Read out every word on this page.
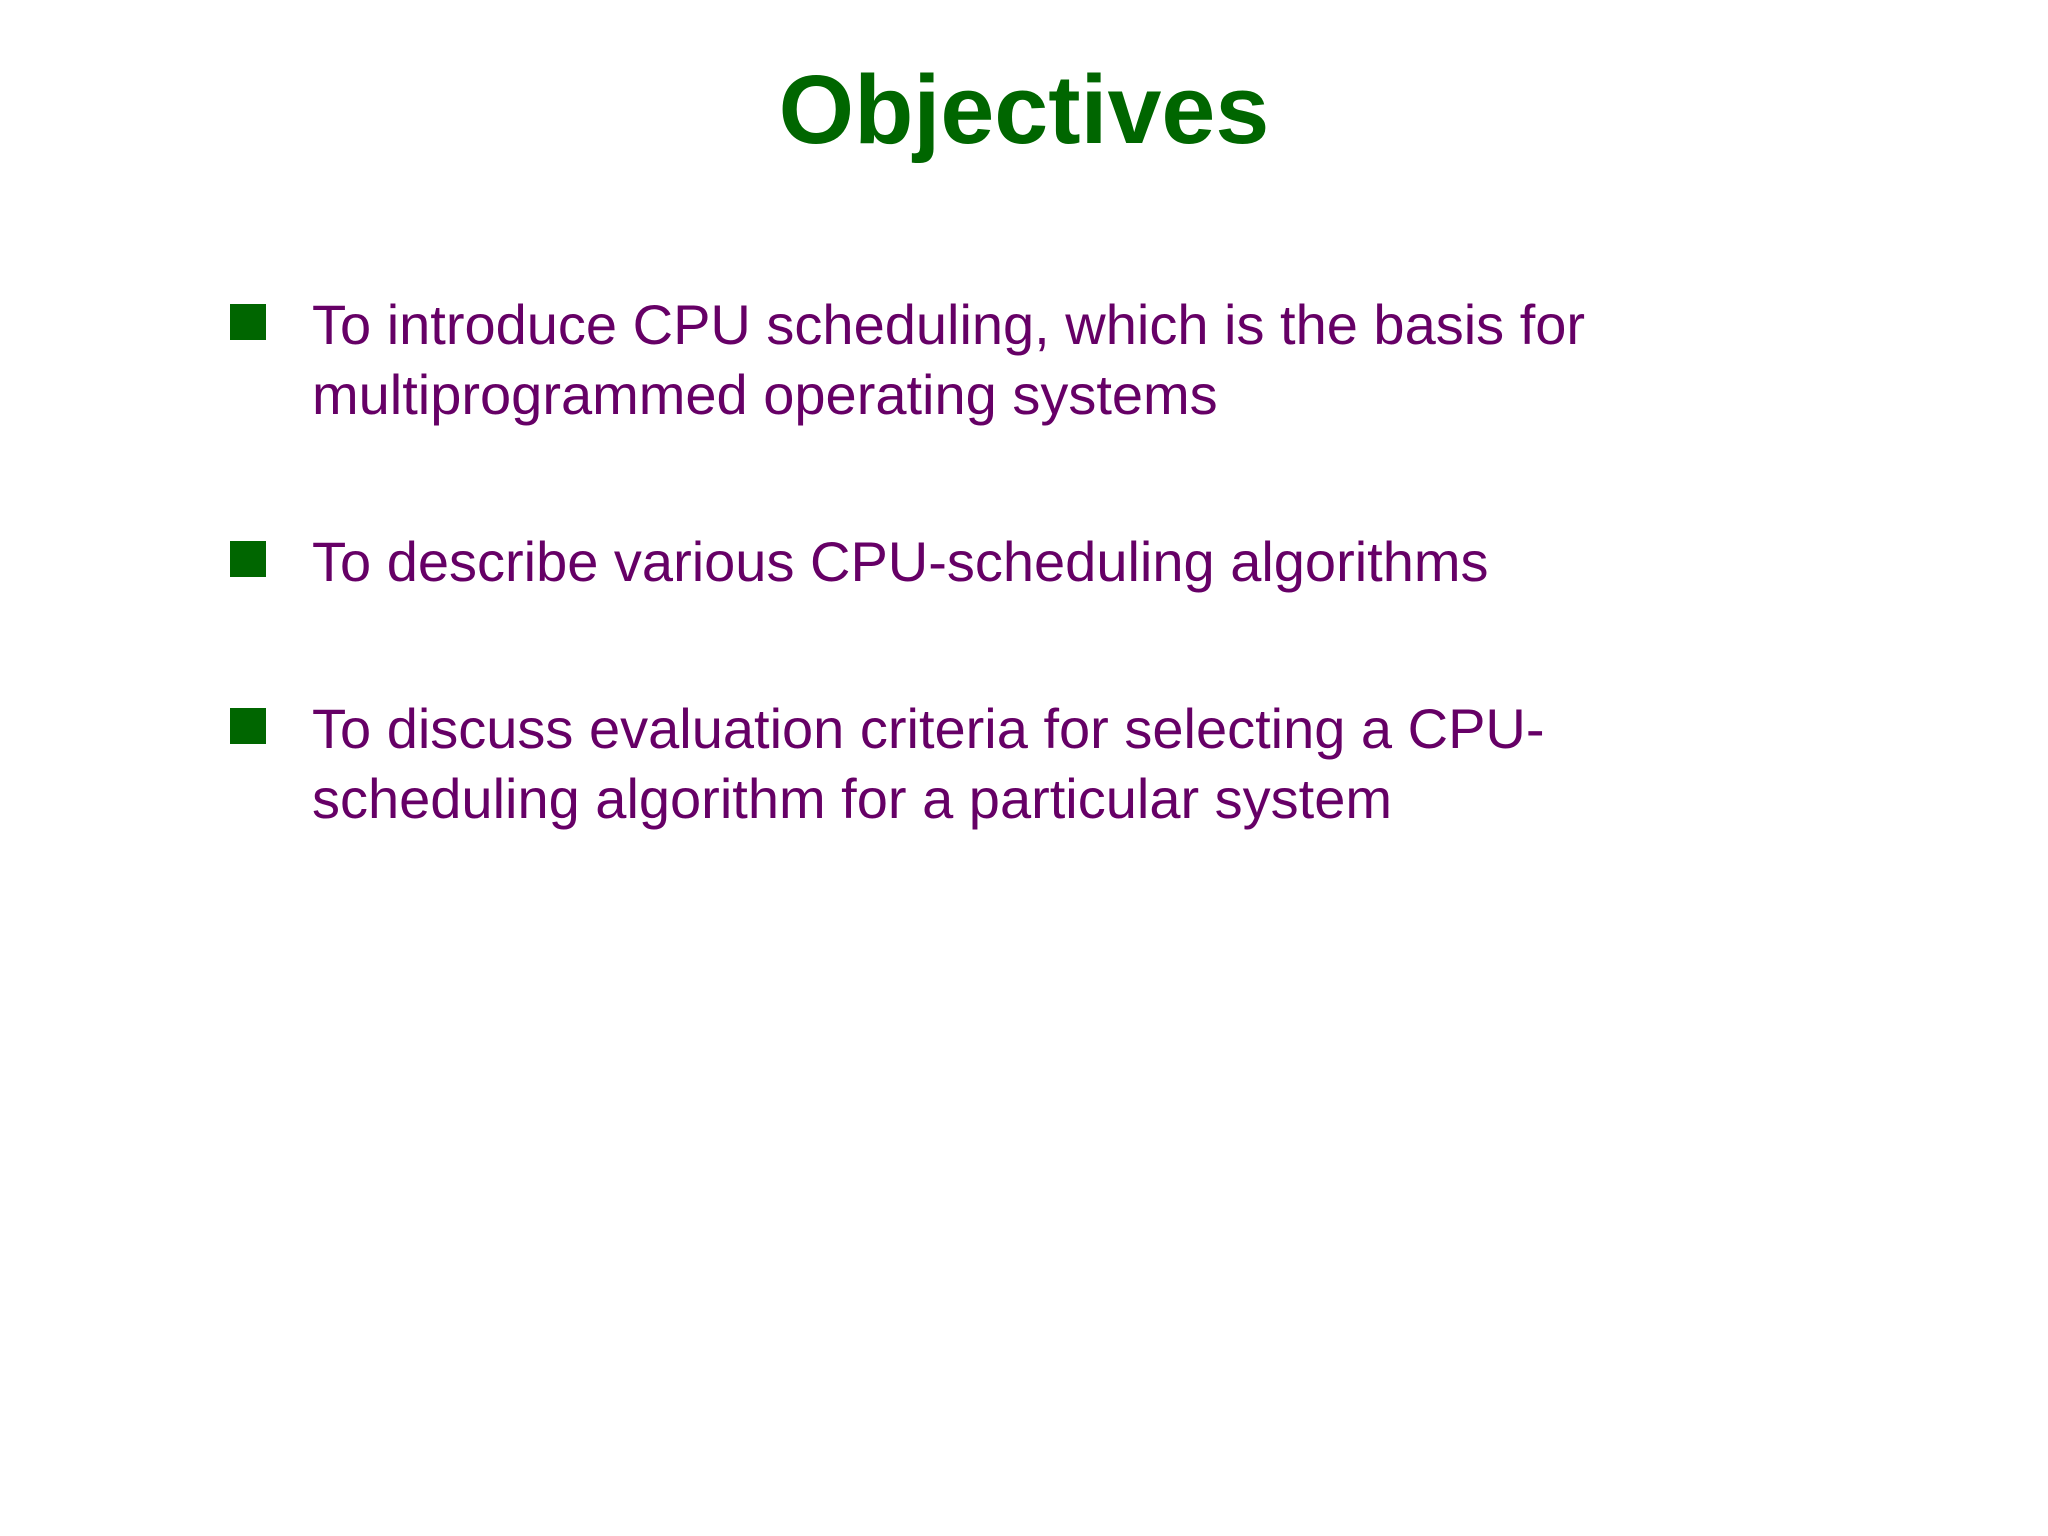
Objectives
To introduce CPU scheduling, which is the basis for
multiprogrammed operating systems
To describe various CPU-scheduling algorithms
To discuss evaluation criteria for selecting a CPU-
scheduling algorithm for a particular system
